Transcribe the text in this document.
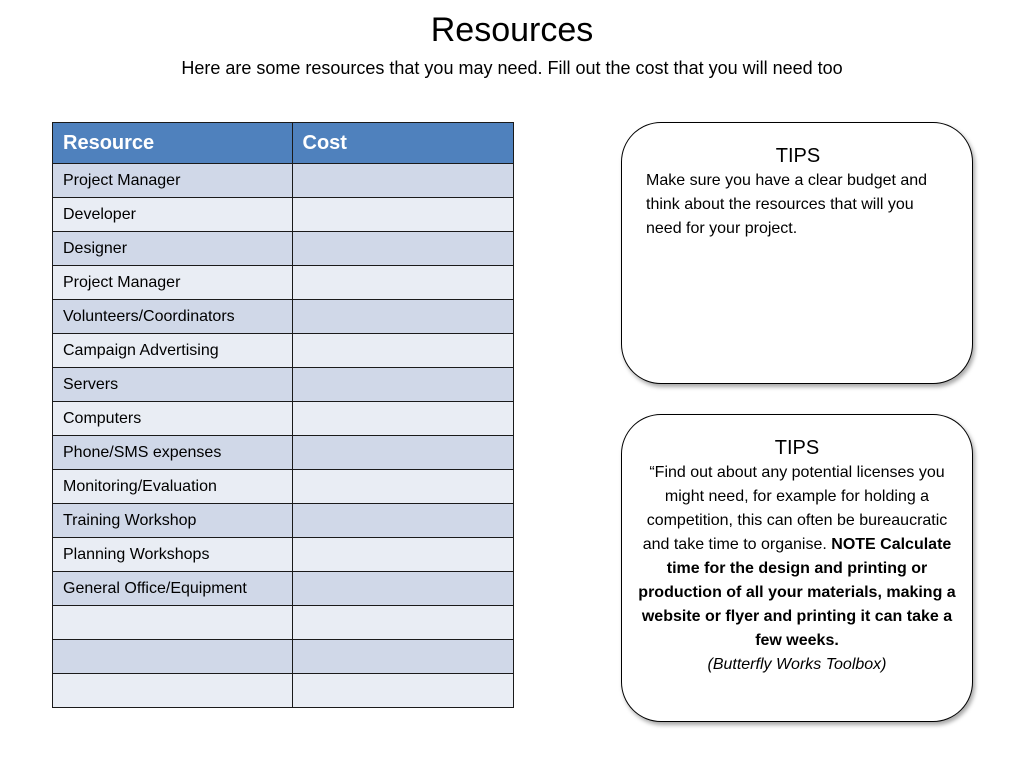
Resources
Here are some resources that you may need. Fill out the cost that you will need too
Resource	Cost
Project Manager	
Developer	
Designer	
Project Manager	
Volunteers/Coordinators	
Campaign Advertising	
Servers	
Computers	
Phone/SMS expenses	
Monitoring/Evaluation	
Training Workshop	
Planning Workshops	
General Office/Equipment	

TIPS
Make sure you have a clear budget and think about the resources that will you need for your project.
TIPS
“Find out about any potential licenses you might need, for example for holding a competition, this can often be bureaucratic and take time to organise. NOTE Calculate time for the design and printing or production of all your materials, making a website or flyer and printing it can take a few weeks.
(Butterfly Works Toolbox)
